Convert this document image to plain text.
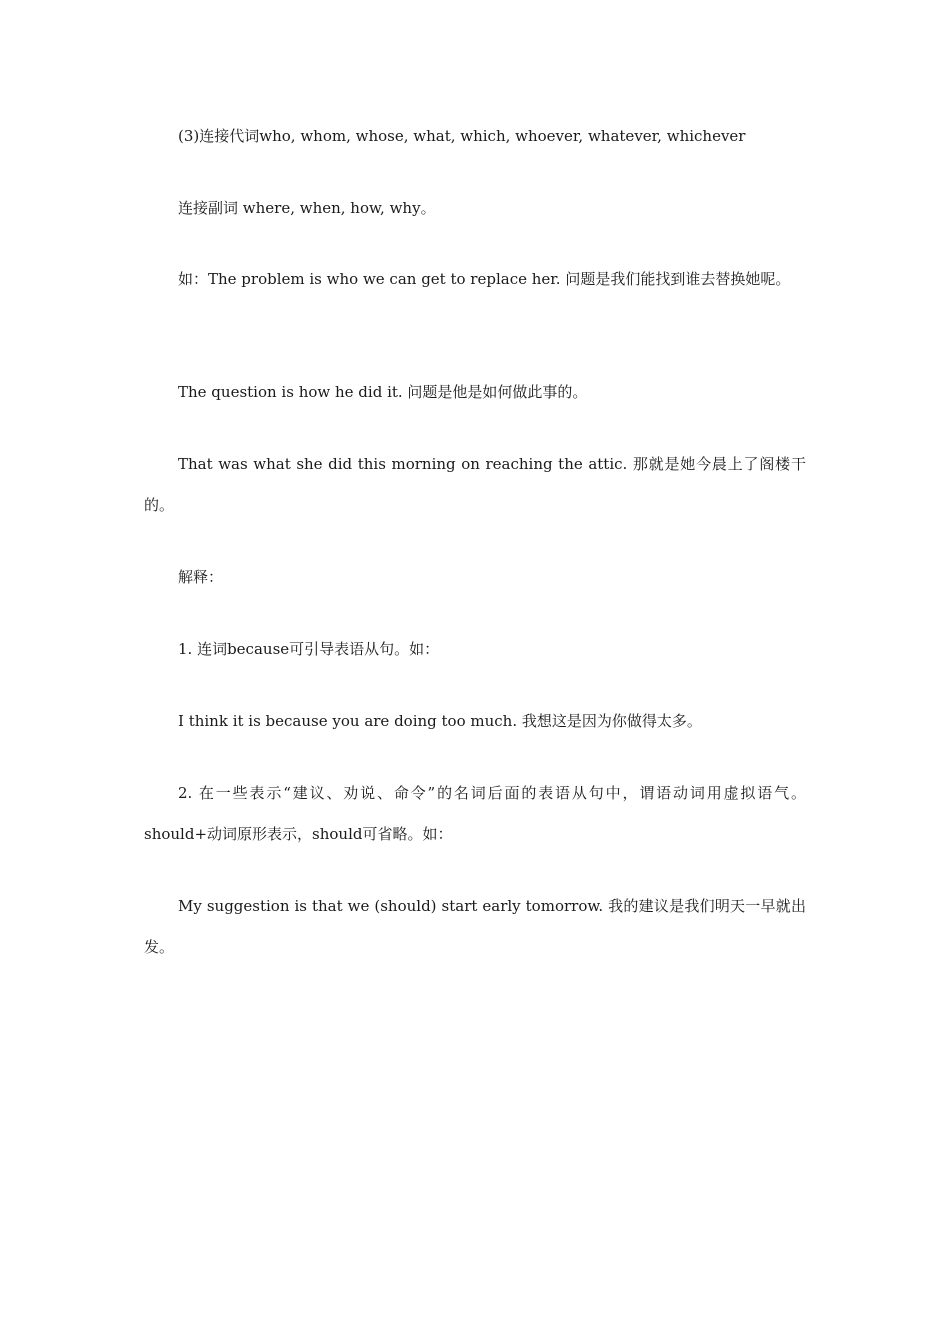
(3)连接代词who, whom, whose, what, which, whoever, whatever, whichever

连接副词 where, when, how, why。

如：The problem is who we can get to replace her. 问题是我们能找到谁去替换她呢。

The question is how he did it. 问题是他是如何做此事的。

That was what she did this morning on reaching the attic. 那就是她今晨上了阁楼干的。

解释：

1. 连词because可引导表语从句。如：

I think it is because you are doing too much. 我想这是因为你做得太多。

2. 在一些表示“建议、劝说、命令”的名词后面的表语从句中，谓语动词用虚拟语气。should+动词原形表示，should可省略。如：

My suggestion is that we (should) start early tomorrow. 我的建议是我们明天一早就出发。
